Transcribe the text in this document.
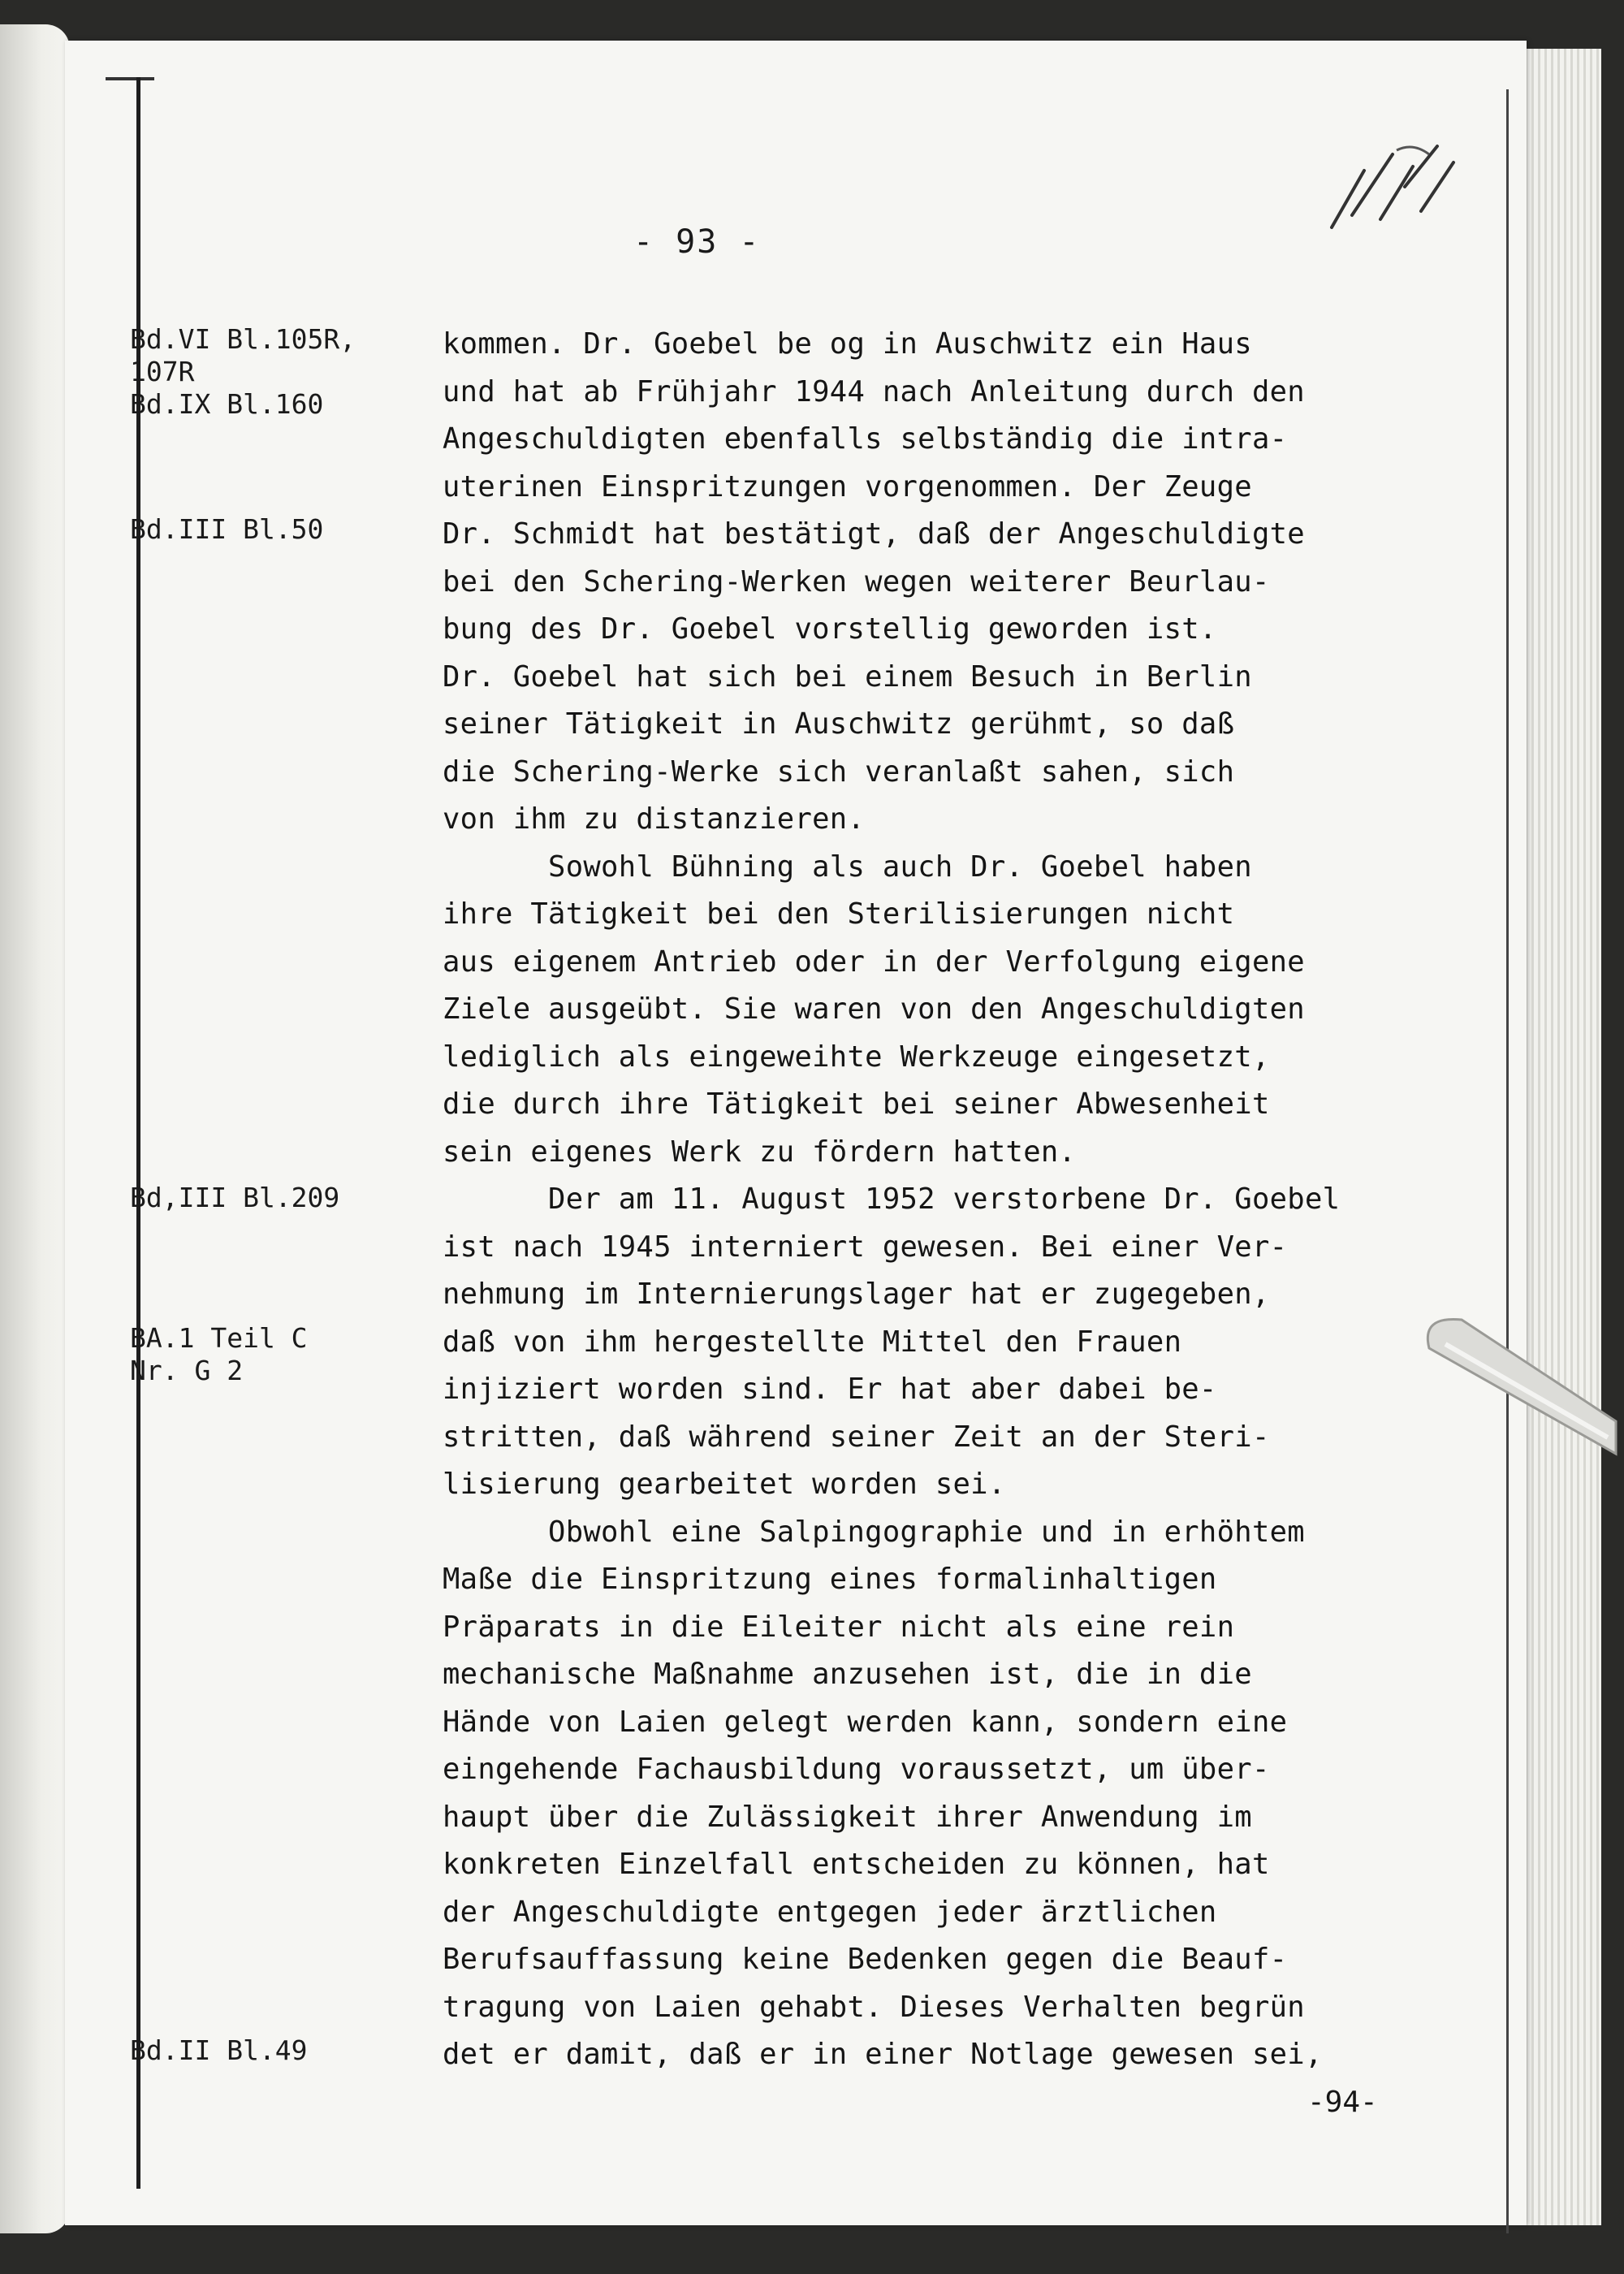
- 93 -
Bd.VI Bl.105R,
107R
Bd.IX Bl.160
Bd.III Bl.50
Bd,III Bl.209
BA.1 Teil C
Nr. G 2
Bd.II Bl.49
kommen. Dr. Goebel be og in Auschwitz ein Haus
und hat ab Frühjahr 1944 nach Anleitung durch den
Angeschuldigten ebenfalls selbständig die intra-
uterinen Einspritzungen vorgenommen. Der Zeuge
Dr. Schmidt hat bestätigt, daß der Angeschuldigte
bei den Schering-Werken wegen weiterer Beurlau-
bung des Dr. Goebel vorstellig geworden ist.
Dr. Goebel hat sich bei einem Besuch in Berlin
seiner Tätigkeit in Auschwitz gerühmt, so daß
die Schering-Werke sich veranlaßt sahen, sich
von ihm zu distanzieren.
Sowohl Bühning als auch Dr. Goebel haben
ihre Tätigkeit bei den Sterilisierungen nicht
aus eigenem Antrieb oder in der Verfolgung eigene
Ziele ausgeübt. Sie waren von den Angeschuldigten
lediglich als eingeweihte Werkzeuge eingesetzt,
die durch ihre Tätigkeit bei seiner Abwesenheit
sein eigenes Werk zu fördern hatten.
Der am 11. August 1952 verstorbene Dr. Goebel
ist nach 1945 interniert gewesen. Bei einer Ver-
nehmung im Internierungslager hat er zugegeben,
daß von ihm hergestellte Mittel den Frauen
injiziert worden sind. Er hat aber dabei be-
stritten, daß während seiner Zeit an der Steri-
lisierung gearbeitet worden sei.
Obwohl eine Salpingographie und in erhöhtem
Maße die Einspritzung eines formalinhaltigen
Präparats in die Eileiter nicht als eine rein
mechanische Maßnahme anzusehen ist, die in die
Hände von Laien gelegt werden kann, sondern eine
eingehende Fachausbildung voraussetzt, um über-
haupt über die Zulässigkeit ihrer Anwendung im
konkreten Einzelfall entscheiden zu können, hat
der Angeschuldigte entgegen jeder ärztlichen
Berufsauffassung keine Bedenken gegen die Beauf-
tragung von Laien gehabt. Dieses Verhalten begrün
det er damit, daß er in einer Notlage gewesen sei,
-94-
